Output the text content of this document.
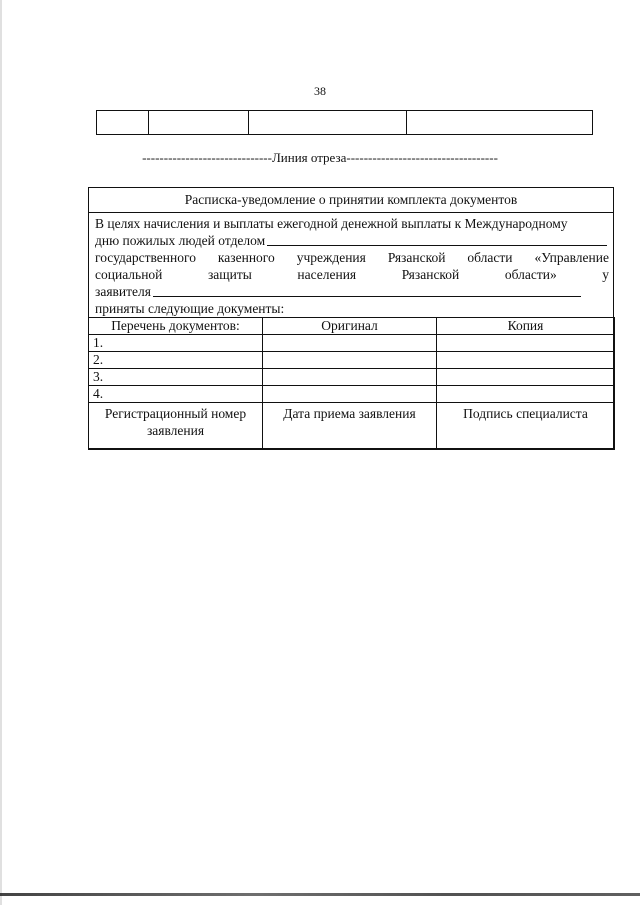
38

------------------------------Линия отреза-----------------------------------
Расписка-уведомление о принятии комплекта документов
В целях начисления и выплаты ежегодной денежной выплаты к Международному
дню пожилых людей отделом
государственного казенного учреждения Рязанской области «Управление
социальной	защиты	населения	Рязанской	области»	у
заявителя
приняты следующие документы:
Перечень документов:	Оригинал	Копия
1.		
2.		
3.		
4.		
Регистрационный номер заявления	Дата приема заявления	Подпись специалиста
